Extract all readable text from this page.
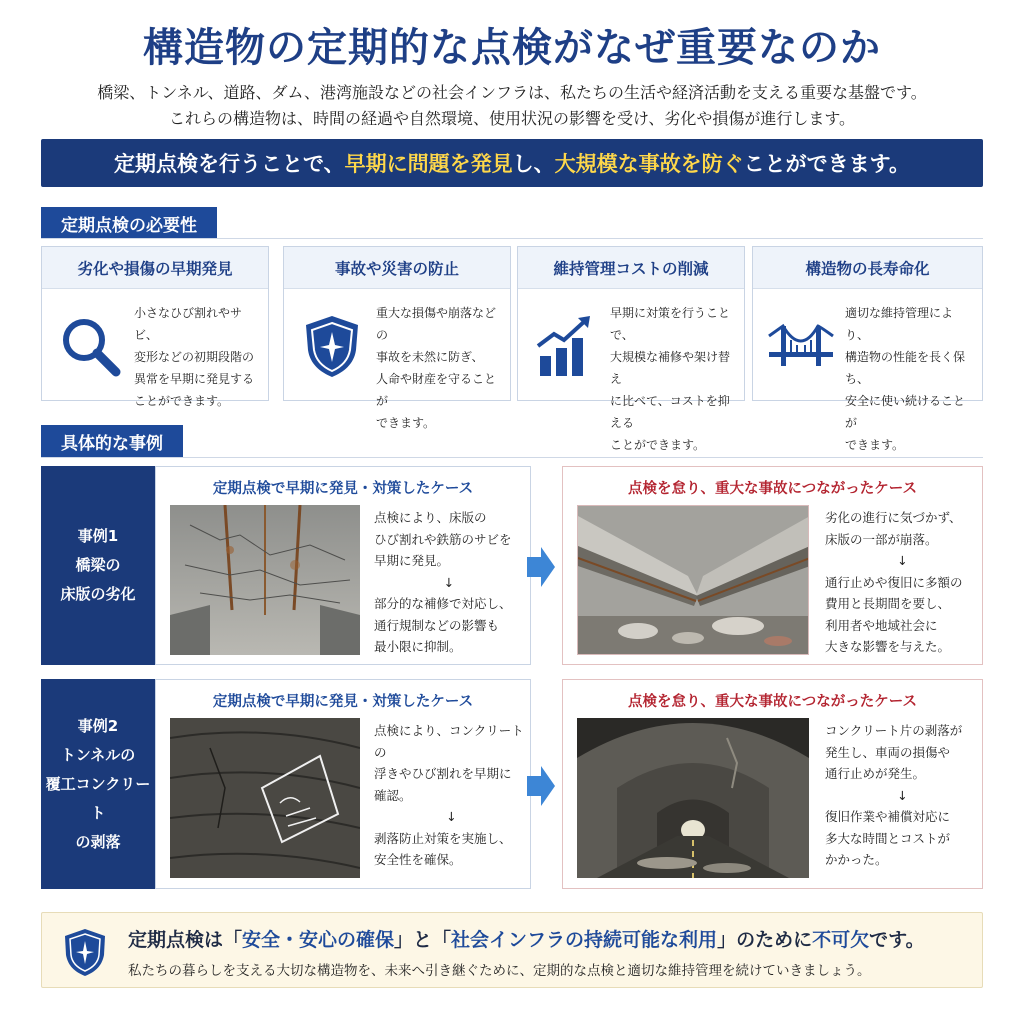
構造物の定期的な点検がなぜ重要なのか
橋梁、トンネル、道路、ダム、港湾施設などの社会インフラは、私たちの生活や経済活動を支える重要な基盤です。
これらの構造物は、時間の経過や自然環境、使用状況の影響を受け、劣化や損傷が進行します。
定期点検を行うことで、 早期に問題を発見 し、 大規模な事故を防ぐ ことができます。
定期点検の必要性
劣化や損傷の早期発見
小さなひび割れやサビ、
変形などの初期段階の
異常を早期に発見する
ことができます。
事故や災害の防止
重大な損傷や崩落などの
事故を未然に防ぎ、
人命や財産を守ることが
できます。
維持管理コストの削減
早期に対策を行うことで、
大規模な補修や架け替え
に比べて、コストを抑える
ことができます。
構造物の長寿命化
適切な維持管理により、
構造物の性能を長く保ち、
安全に使い続けることが
できます。
具体的な事例
事例1
橋梁の
床版の劣化
定期点検で早期に発見・対策したケース
点検により、床版の
ひび割れや鉄筋のサビを
早期に発見。
↓
部分的な補修で対応し、
通行規制などの影響も
最小限に抑制。
点検を怠り、重大な事故につながったケース
劣化の進行に気づかず、
床版の一部が崩落。
↓
通行止めや復旧に多額の
費用と長期間を要し、
利用者や地域社会に
大きな影響を与えた。
事例2
トンネルの
覆工コンクリート
の剥落
定期点検で早期に発見・対策したケース
点検により、コンクリートの
浮きやひび割れを早期に
確認。
↓
剥落防止対策を実施し、
安全性を確保。
点検を怠り、重大な事故につながったケース
コンクリート片の剥落が
発生し、車両の損傷や
通行止めが発生。
↓
復旧作業や補償対応に
多大な時間とコストが
かかった。
定期点検は「安全・安心の確保」と「社会インフラの持続可能な利用」のために不可欠です。
私たちの暮らしを支える大切な構造物を、未来へ引き継ぐために、定期的な点検と適切な維持管理を続けていきましょう。
